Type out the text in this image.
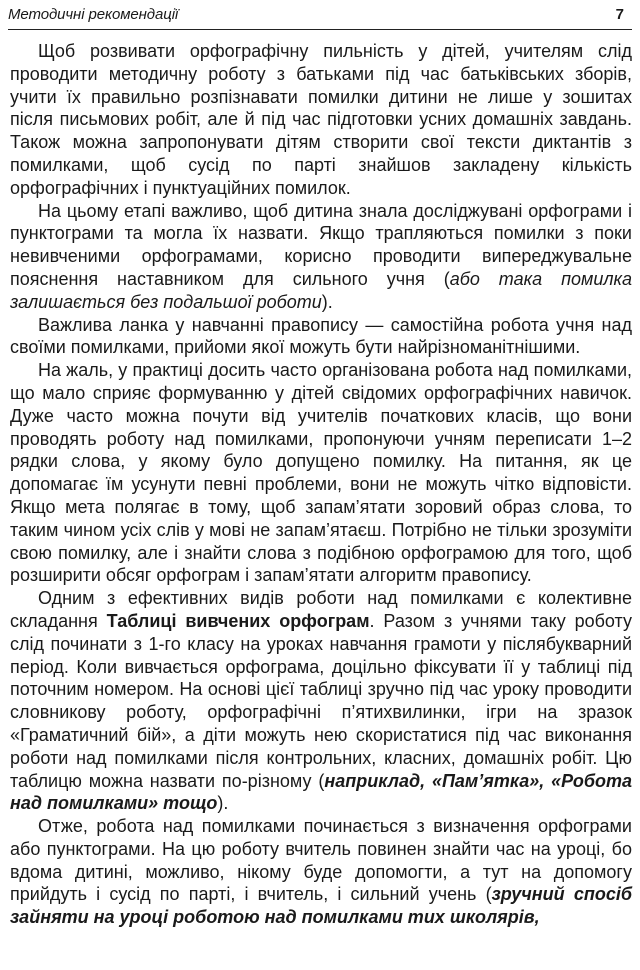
Методичні рекомендації	7

Щоб розвивати орфографічну пильність у дітей, учителям слід проводити методичну роботу з батьками під час батьківських зборів, учити їх правильно розпізнавати помилки дитини не лише у зошитах після письмових робіт, але й під час підготовки усних домашніх завдань. Також можна запропонувати дітям створити свої тексти диктантів з помилками, щоб сусід по парті знайшов закладену кількість орфографічних і пунктуаційних помилок.

На цьому етапі важливо, щоб дитина знала досліджувані орфограми і пунктограми та могла їх назвати. Якщо трапляються помилки з поки невивченими орфограмами, корисно проводити випереджувальне пояснення наставником для сильного учня (або така помилка залишається без подальшої роботи).

Важлива ланка у навчанні правопису — самостійна робота учня над своїми помилками, прийоми якої можуть бути найрізноманітнішими.

На жаль, у практиці досить часто організована робота над помилками, що мало сприяє формуванню у дітей свідомих орфографічних навичок. Дуже часто можна почути від учителів початкових класів, що вони проводять роботу над помилками, пропонуючи учням переписати 1–2 рядки слова, у якому було допущено помилку. На питання, як це допомагає їм усунути певні проблеми, вони не можуть чітко відповісти. Якщо мета полягає в тому, щоб запам’ятати зоровий образ слова, то таким чином усіх слів у мові не запам’ятаєш. Потрібно не тільки зрозуміти свою помилку, але і знайти слова з подібною орфограмою для того, щоб розширити обсяг орфограм і запам’ятати алгоритм правопису.

Одним з ефективних видів роботи над помилками є колективне складання Таблиці вивчених орфограм. Разом з учнями таку роботу слід починати з 1-го класу на уроках навчання грамоти у післябукварний період. Коли вивчається орфограма, доцільно фіксувати її у таблиці під поточним номером. На основі цієї таблиці зручно під час уроку проводити словникову роботу, орфографічні п’ятихвилинки, ігри на зразок «Граматичний бій», а діти можуть нею скористатися під час виконання роботи над помилками після контрольних, класних, домашніх робіт. Цю таблицю можна назвати по-різному (наприклад, «Пам’ятка», «Робота над помилками» тощо).

Отже, робота над помилками починається з визначення орфограми або пунктограми. На цю роботу вчитель повинен знайти час на уроці, бо вдома дитині, можливо, нікому буде допомогти, а тут на допомогу прийдуть і сусід по парті, і вчитель, і сильний учень (зручний спосіб зайняти на уроці роботою над помилками тих школярів,
